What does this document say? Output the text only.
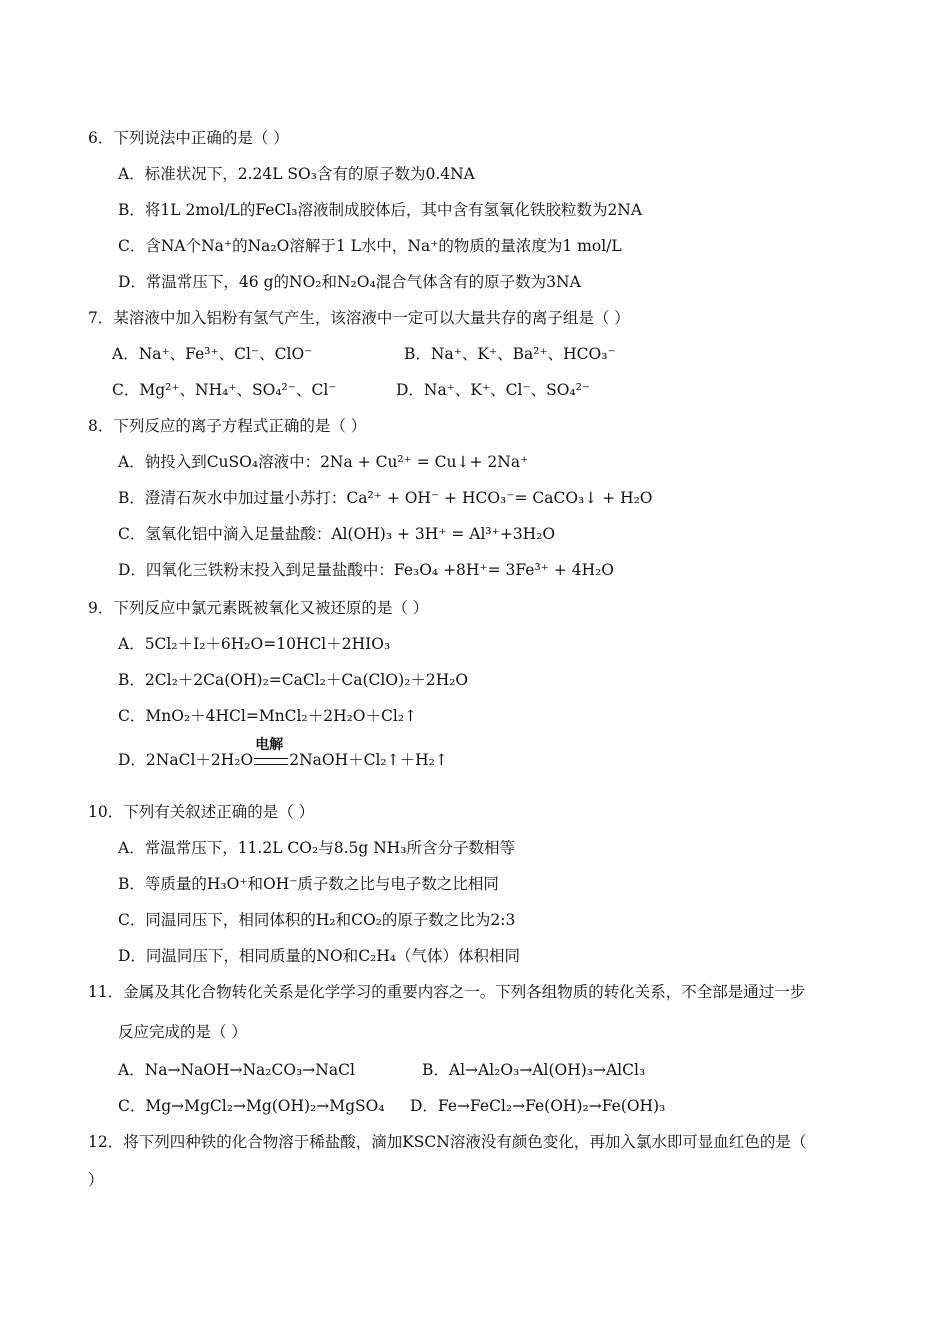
6．下列说法中正确的是（ ）
A．标准状况下，2.24L SO₃含有的原子数为0.4NA
B．将1L 2mol/L的FeCl₃溶液制成胶体后，其中含有氢氧化铁胶粒数为2NA
C．含NA个Na⁺的Na₂O溶解于1 L水中，Na⁺的物质的量浓度为1 mol/L
D．常温常压下，46 g的NO₂和N₂O₄混合气体含有的原子数为3NA
7．某溶液中加入铝粉有氢气产生，该溶液中一定可以大量共存的离子组是（ ）
A．Na⁺、Fe³⁺、Cl⁻、ClO⁻	B．Na⁺、K⁺、Ba²⁺、HCO₃⁻
C．Mg²⁺、NH₄⁺、SO₄²⁻、Cl⁻	D．Na⁺、K⁺、Cl⁻、SO₄²⁻
8．下列反应的离子方程式正确的是（ ）
A．钠投入到CuSO₄溶液中：2Na + Cu²⁺ = Cu↓+ 2Na⁺
B．澄清石灰水中加过量小苏打：Ca²⁺ + OH⁻ + HCO₃⁻= CaCO₃↓ + H₂O
C．氢氧化铝中滴入足量盐酸：Al(OH)₃ + 3H⁺ = Al³⁺+3H₂O
D．四氧化三铁粉末投入到足量盐酸中：Fe₃O₄ +8H⁺= 3Fe³⁺ + 4H₂O
9．下列反应中氯元素既被氧化又被还原的是（ ）
A．5Cl₂＋I₂＋6H₂O=10HCl＋2HIO₃
B．2Cl₂＋2Ca(OH)₂=CaCl₂＋Ca(ClO)₂＋2H₂O
C．MnO₂＋4HCl=MnCl₂＋2H₂O＋Cl₂↑
D．2NaCl＋2H₂O
电解
2NaOH＋Cl₂↑＋H₂↑
10．下列有关叙述正确的是（ ）
A．常温常压下，11.2L CO₂与8.5g NH₃所含分子数相等
B．等质量的H₃O⁺和OH⁻质子数之比与电子数之比相同
C．同温同压下，相同体积的H₂和CO₂的原子数之比为2:3
D．同温同压下，相同质量的NO和C₂H₄（气体）体积相同
11．金属及其化合物转化关系是化学学习的重要内容之一。下列各组物质的转化关系，不全部是通过一步
反应完成的是（ ）
A．Na→NaOH→Na₂CO₃→NaCl	B．Al→Al₂O₃→Al(OH)₃→AlCl₃
C．Mg→MgCl₂→Mg(OH)₂→MgSO₄ D．Fe→FeCl₂→Fe(OH)₂→Fe(OH)₃
12．将下列四种铁的化合物溶于稀盐酸，滴加KSCN溶液没有颜色变化，再加入氯水即可显血红色的是（
）
